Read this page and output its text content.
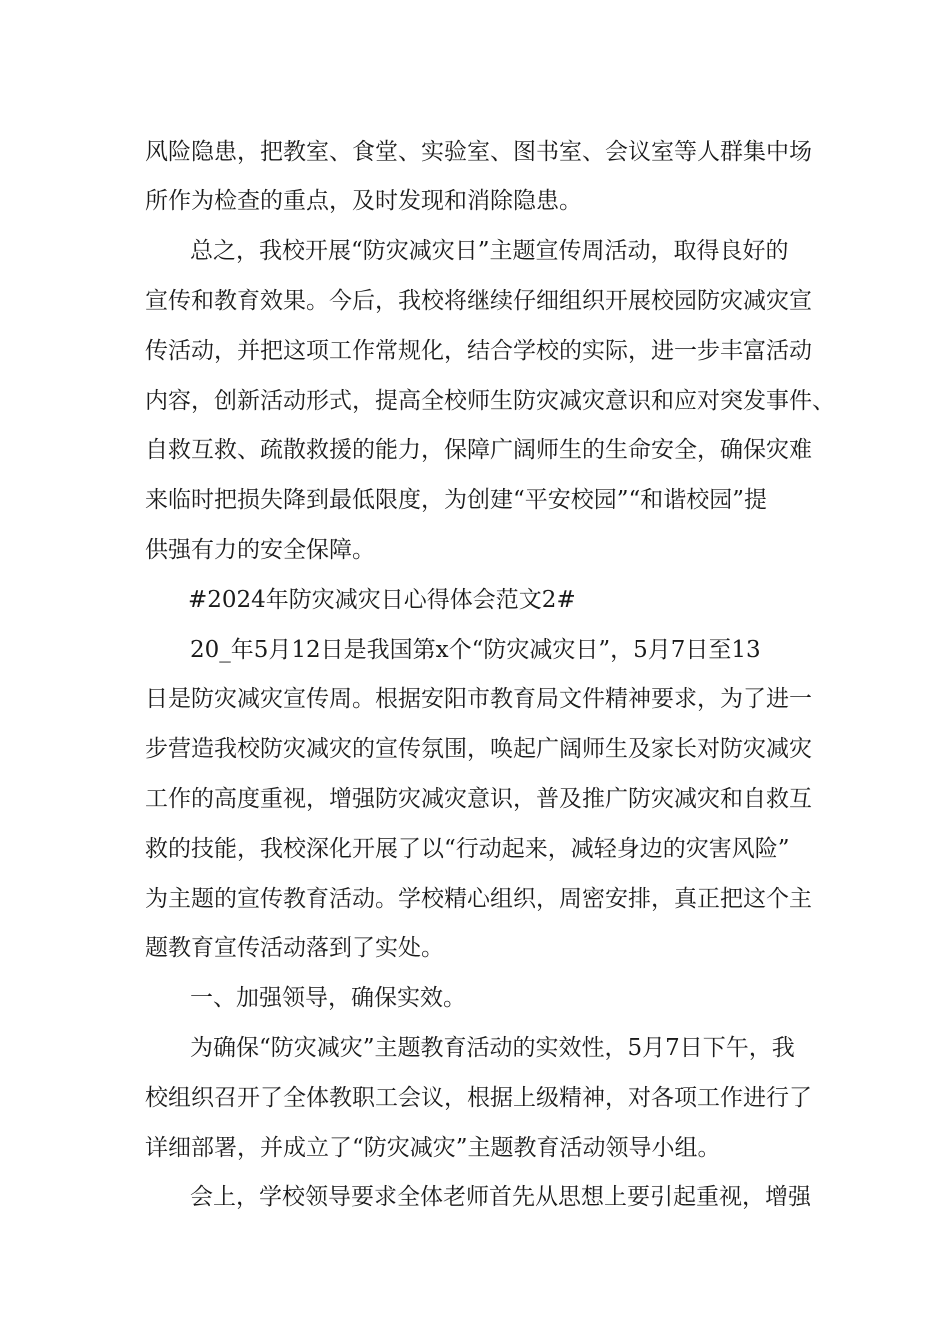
风险隐患，把教室、食堂、实验室、图书室、会议室等人群集中场
所作为检查的重点，及时发现和消除隐患。
总之，我校开展“防灾减灾日”主题宣传周活动，取得良好的
宣传和教育效果。今后，我校将继续仔细组织开展校园防灾减灾宣
传活动，并把这项工作常规化，结合学校的实际，进一步丰富活动
内容，创新活动形式，提高全校师生防灾减灾意识和应对突发事件、
自救互救、疏散救援的能力，保障广阔师生的生命安全，确保灾难
来临时把损失降到最低限度，为创建“平安校园”“和谐校园”提
供强有力的安全保障。
#2024年防灾减灾日心得体会范文2#
20_年5月12日是我国第x个“防灾减灾日”，5月7日至13
日是防灾减灾宣传周。根据安阳市教育局文件精神要求，为了进一
步营造我校防灾减灾的宣传氛围，唤起广阔师生及家长对防灾减灾
工作的高度重视，增强防灾减灾意识，普及推广防灾减灾和自救互
救的技能，我校深化开展了以“行动起来，减轻身边的灾害风险”
为主题的宣传教育活动。学校精心组织，周密安排，真正把这个主
题教育宣传活动落到了实处。
一、加强领导，确保实效。
为确保“防灾减灾”主题教育活动的实效性，5月7日下午，我
校组织召开了全体教职工会议，根据上级精神，对各项工作进行了
详细部署，并成立了“防灾减灾”主题教育活动领导小组。
会上，学校领导要求全体老师首先从思想上要引起重视，增强
